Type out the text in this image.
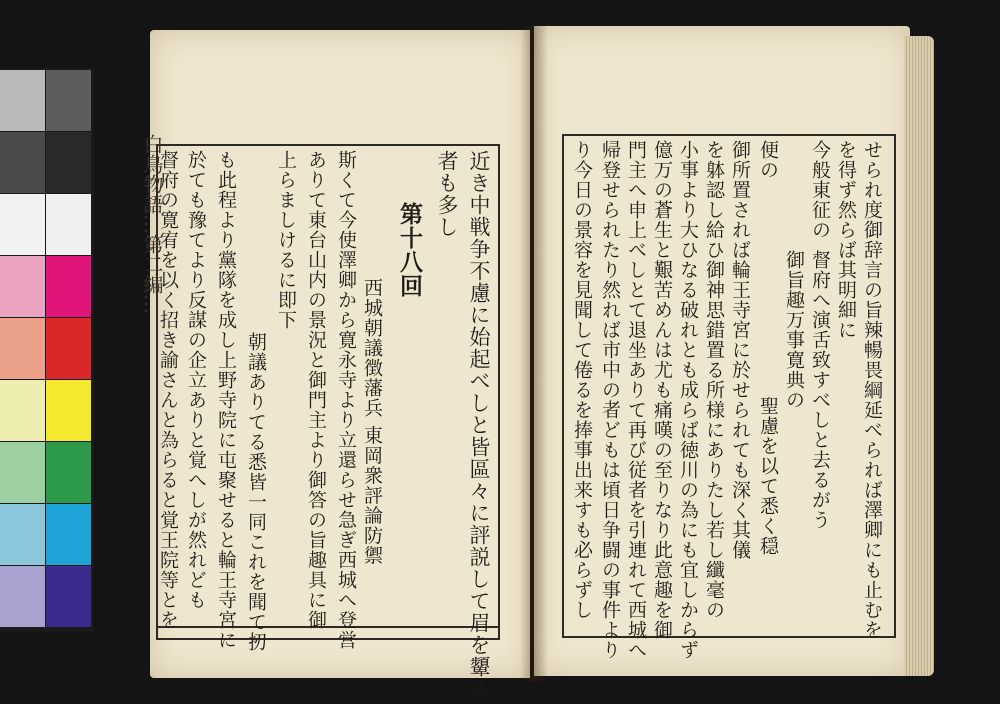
白鳥物語…第二編…	近き中戦争不慮に始起べしと皆區々に評説して眉を顰る
者も多し
第十八回
西城朝議徴藩兵 東岡衆評論防禦
斯くて今使澤卿から寛永寺より立還らせ急ぎ西城へ登営
ありて東台山内の景況と御門主より御答の旨趣具に御
上らましけるに即下
朝議ありてる悉皆一同これを聞て扨
も此程より黨隊を成し上野寺院に屯聚せると輪王寺宮に
於ても豫てより反謀の企立ありと覚へしが然れども
督府の寛宥を以く招き諭さんと為らると覚王院等とを	せられ度御辞言の旨辣暢畏綱延べられば澤卿にも止むを
を得ず然らば其明細に
今般東征の
督府へ演舌致すべしと去るがう
御旨趣万事寛典の
聖慮を以て悉く穏
便の
御所置されば輪王寺宮に於せられても深く其儀
を躰認し給ひ御神思錯置る所様にありたし若し纖毫の
小事より大ひなる破れとも成らば徳川の為にも宜しからず
億万の蒼生と艱苦めんは尤も痛嘆の至りなり此意趣を御
門主へ申上べしとて退坐ありて再び従者を引連れて西城へ
帰登せられたり然れば市中の者どもは頃日争闘の事件より
り今日の景容を見聞して倦るを捧事出来すも必らずし
